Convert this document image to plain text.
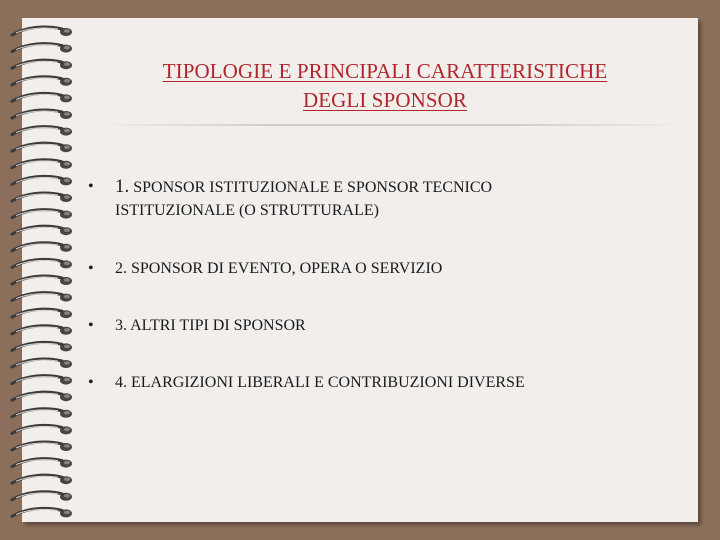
TIPOLOGIE E PRINCIPALI CARATTERISTICHE
DEGLI SPONSOR
•	1. SPONSOR ISTITUZIONALE E SPONSOR TECNICO
ISTITUZIONALE (O STRUTTURALE)
•	2. SPONSOR DI EVENTO, OPERA O SERVIZIO
•	3. ALTRI TIPI DI SPONSOR
•	4. ELARGIZIONI LIBERALI E CONTRIBUZIONI DIVERSE
